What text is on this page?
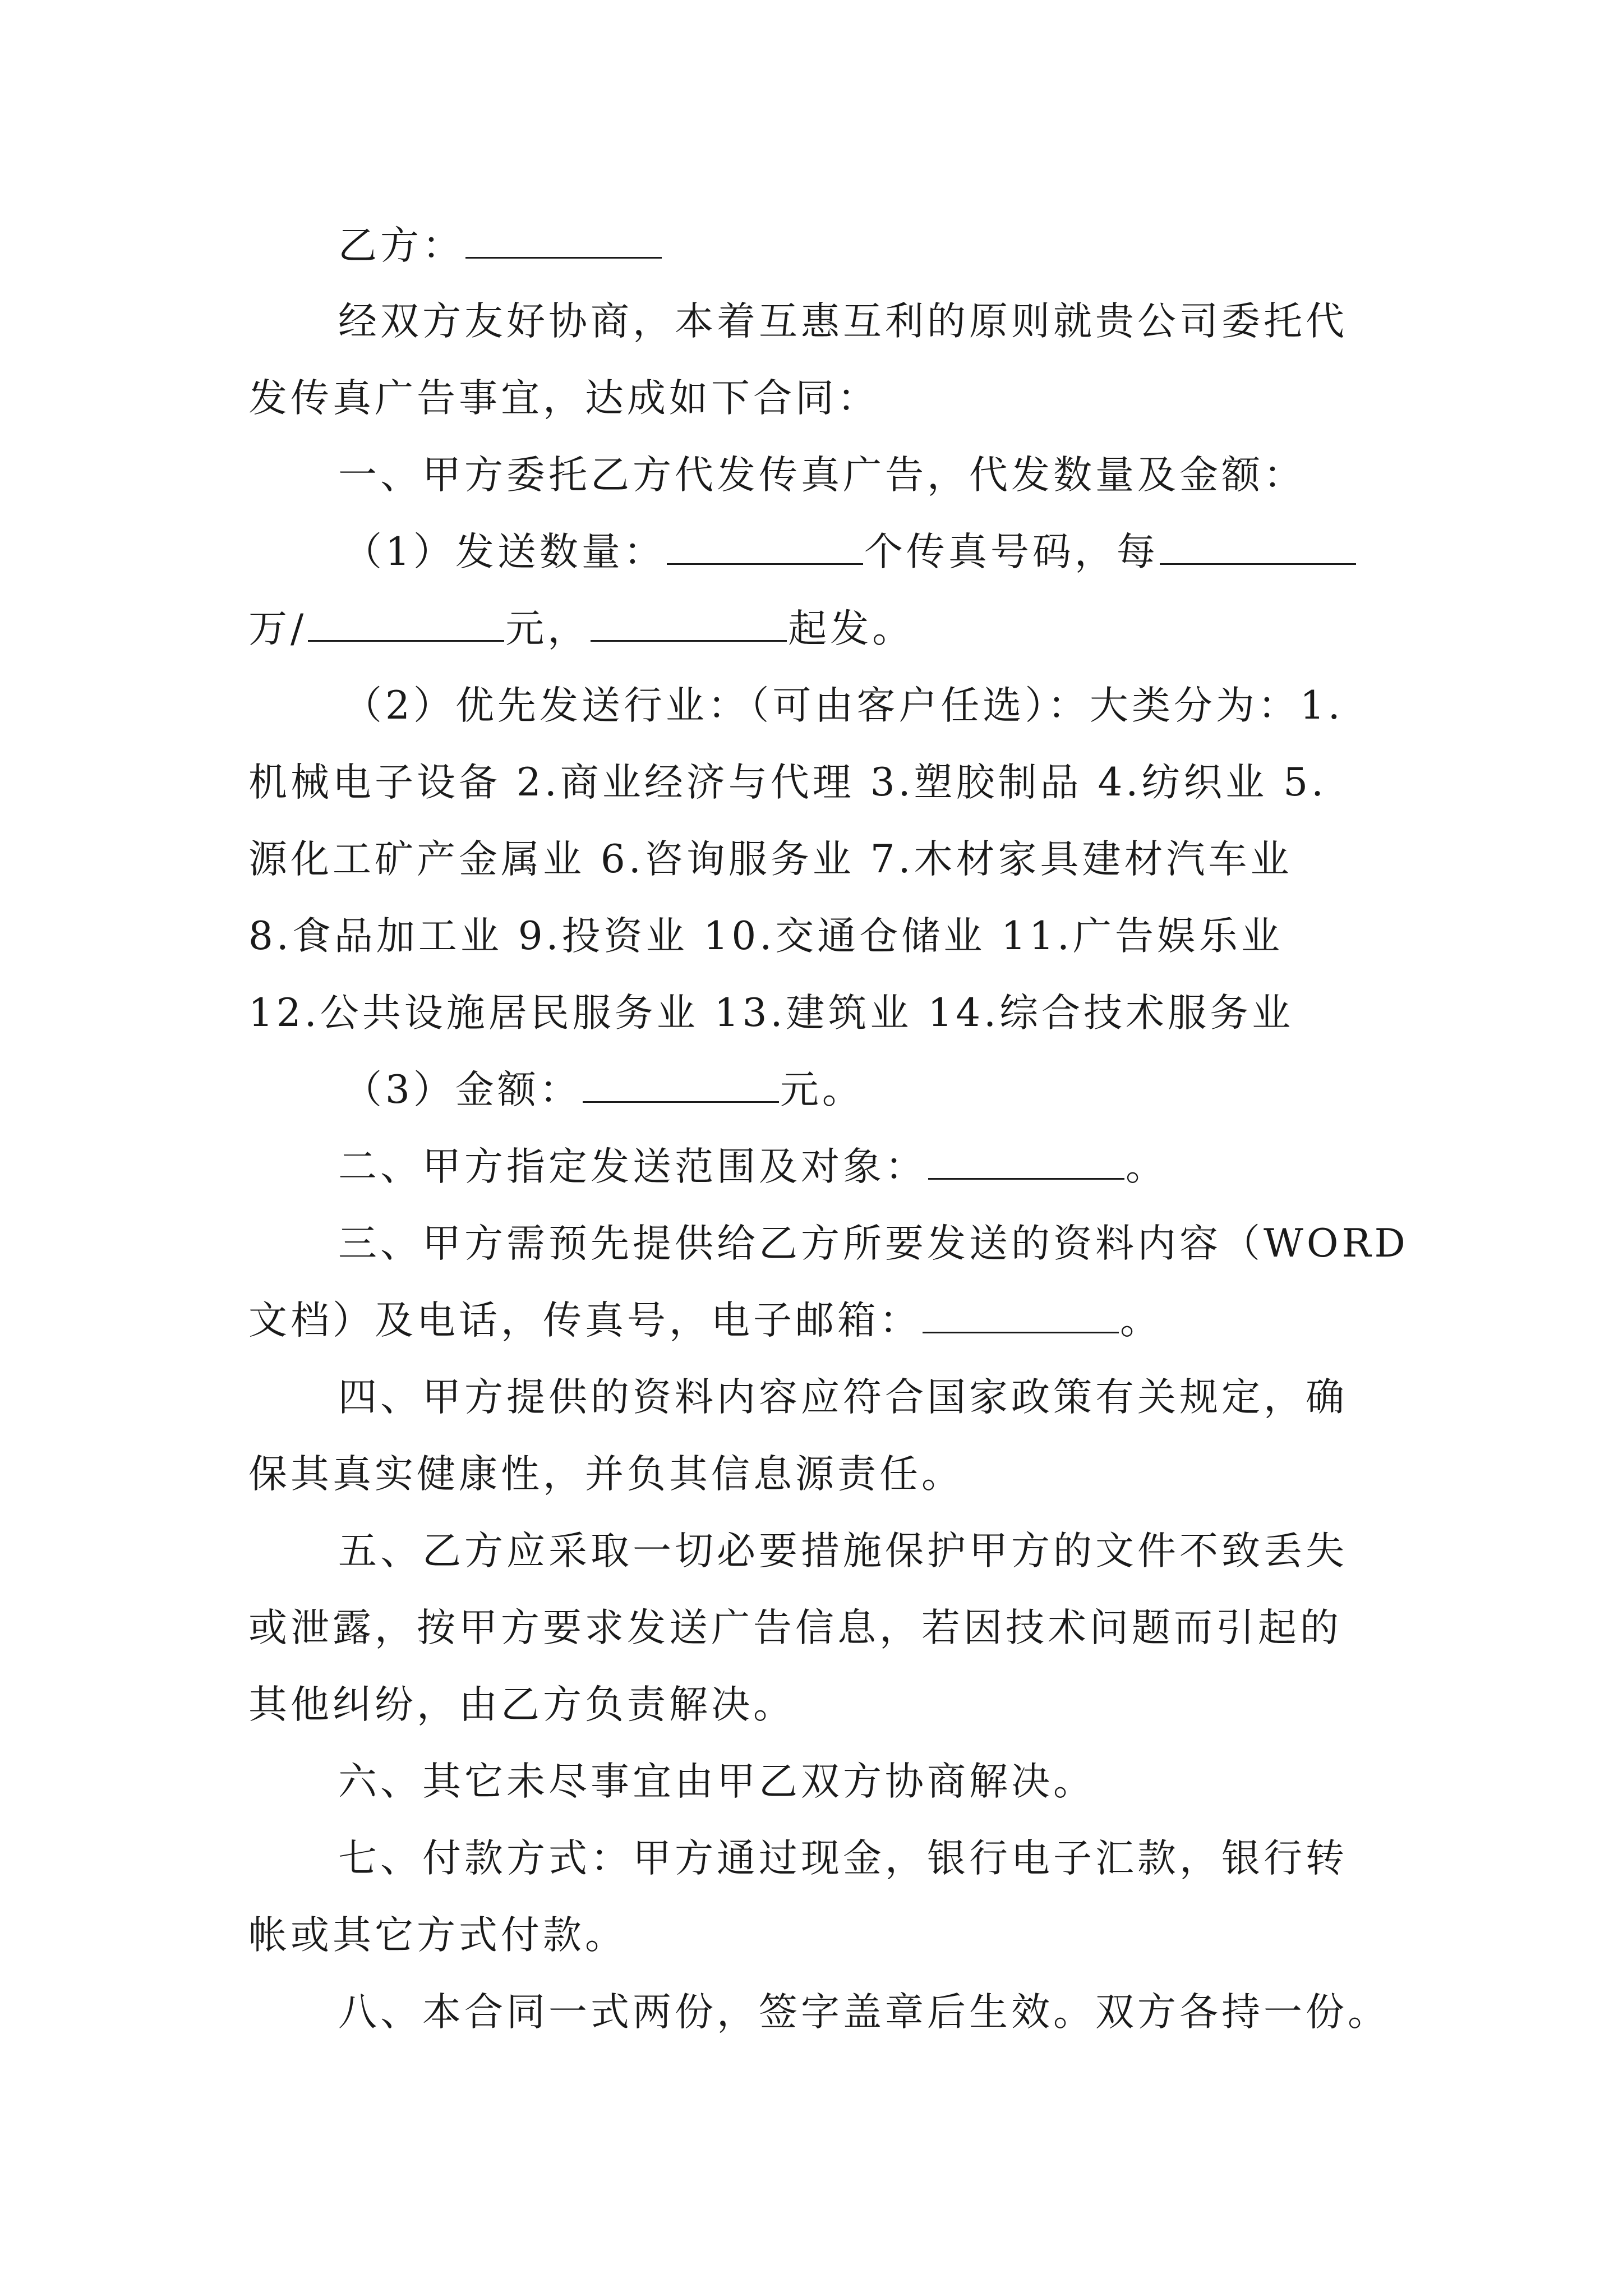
乙方：
经双方友好协商，本着互惠互利的原则就贵公司委托代
发传真广告事宜，达成如下合同：
一、甲方委托乙方代发传真广告，代发数量及金额：
（1）发送数量：	个传真号码，每
万/	元，	起发。
（2）优先发送行业：（可由客户任选）：大类分为：1.
机械电子设备 2.商业经济与代理 3.塑胶制品 4.纺织业 5.
源化工矿产金属业 6.咨询服务业 7.木材家具建材汽车业
8.食品加工业 9.投资业 10.交通仓储业 11.广告娱乐业
12.公共设施居民服务业 13.建筑业 14.综合技术服务业
（3）金额：	元。
二、甲方指定发送范围及对象：	。
三、甲方需预先提供给乙方所要发送的资料内容（WORD
文档）及电话，传真号，电子邮箱：	。
四、甲方提供的资料内容应符合国家政策有关规定，确
保其真实健康性，并负其信息源责任。
五、乙方应采取一切必要措施保护甲方的文件不致丢失
或泄露，按甲方要求发送广告信息，若因技术问题而引起的
其他纠纷，由乙方负责解决。
六、其它未尽事宜由甲乙双方协商解决。
七、付款方式：甲方通过现金，银行电子汇款，银行转
帐或其它方式付款。
八、本合同一式两份，签字盖章后生效。双方各持一份。
